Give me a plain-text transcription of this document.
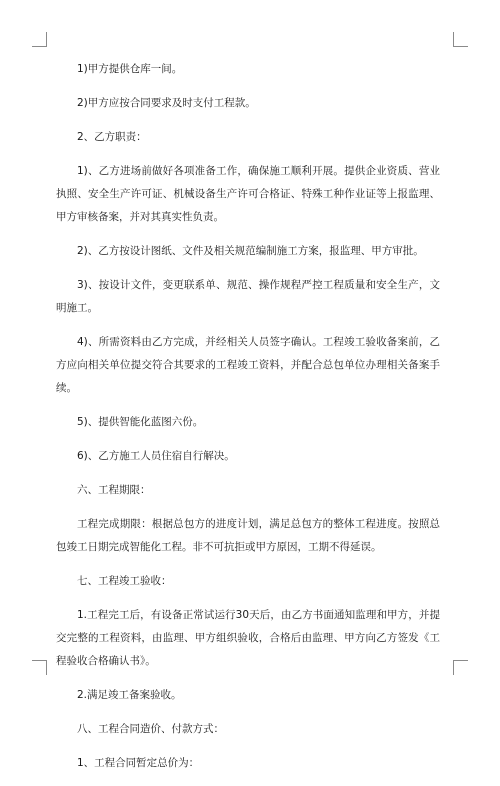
1)甲方提供仓库一间。

2)甲方应按合同要求及时支付工程款。

2、乙方职责：

1)、乙方进场前做好各项准备工作，确保施工顺利开展。提供企业资质、营业执照、安全生产许可证、机械设备生产许可合格证、特殊工种作业证等上报监理、甲方审核备案，并对其真实性负责。

2)、乙方按设计图纸、文件及相关规范编制施工方案，报监理、甲方审批。

3)、按设计文件，变更联系单、规范、操作规程严控工程质量和安全生产，文明施工。

4)、所需资料由乙方完成，并经相关人员签字确认。工程竣工验收备案前，乙方应向相关单位提交符合其要求的工程竣工资料，并配合总包单位办理相关备案手续。

5)、提供智能化蓝图六份。

6)、乙方施工人员住宿自行解决。

六、工程期限：

工程完成期限：根据总包方的进度计划，满足总包方的整体工程进度。按照总包竣工日期完成智能化工程。非不可抗拒或甲方原因，工期不得延误。

七、工程竣工验收：

1.工程完工后，有设备正常试运行30天后，由乙方书面通知监理和甲方，并提交完整的工程资料，由监理、甲方组织验收，合格后由监理、甲方向乙方签发《工程验收合格确认书》。

2.满足竣工备案验收。

八、工程合同造价、付款方式：

1、工程合同暂定总价为：
